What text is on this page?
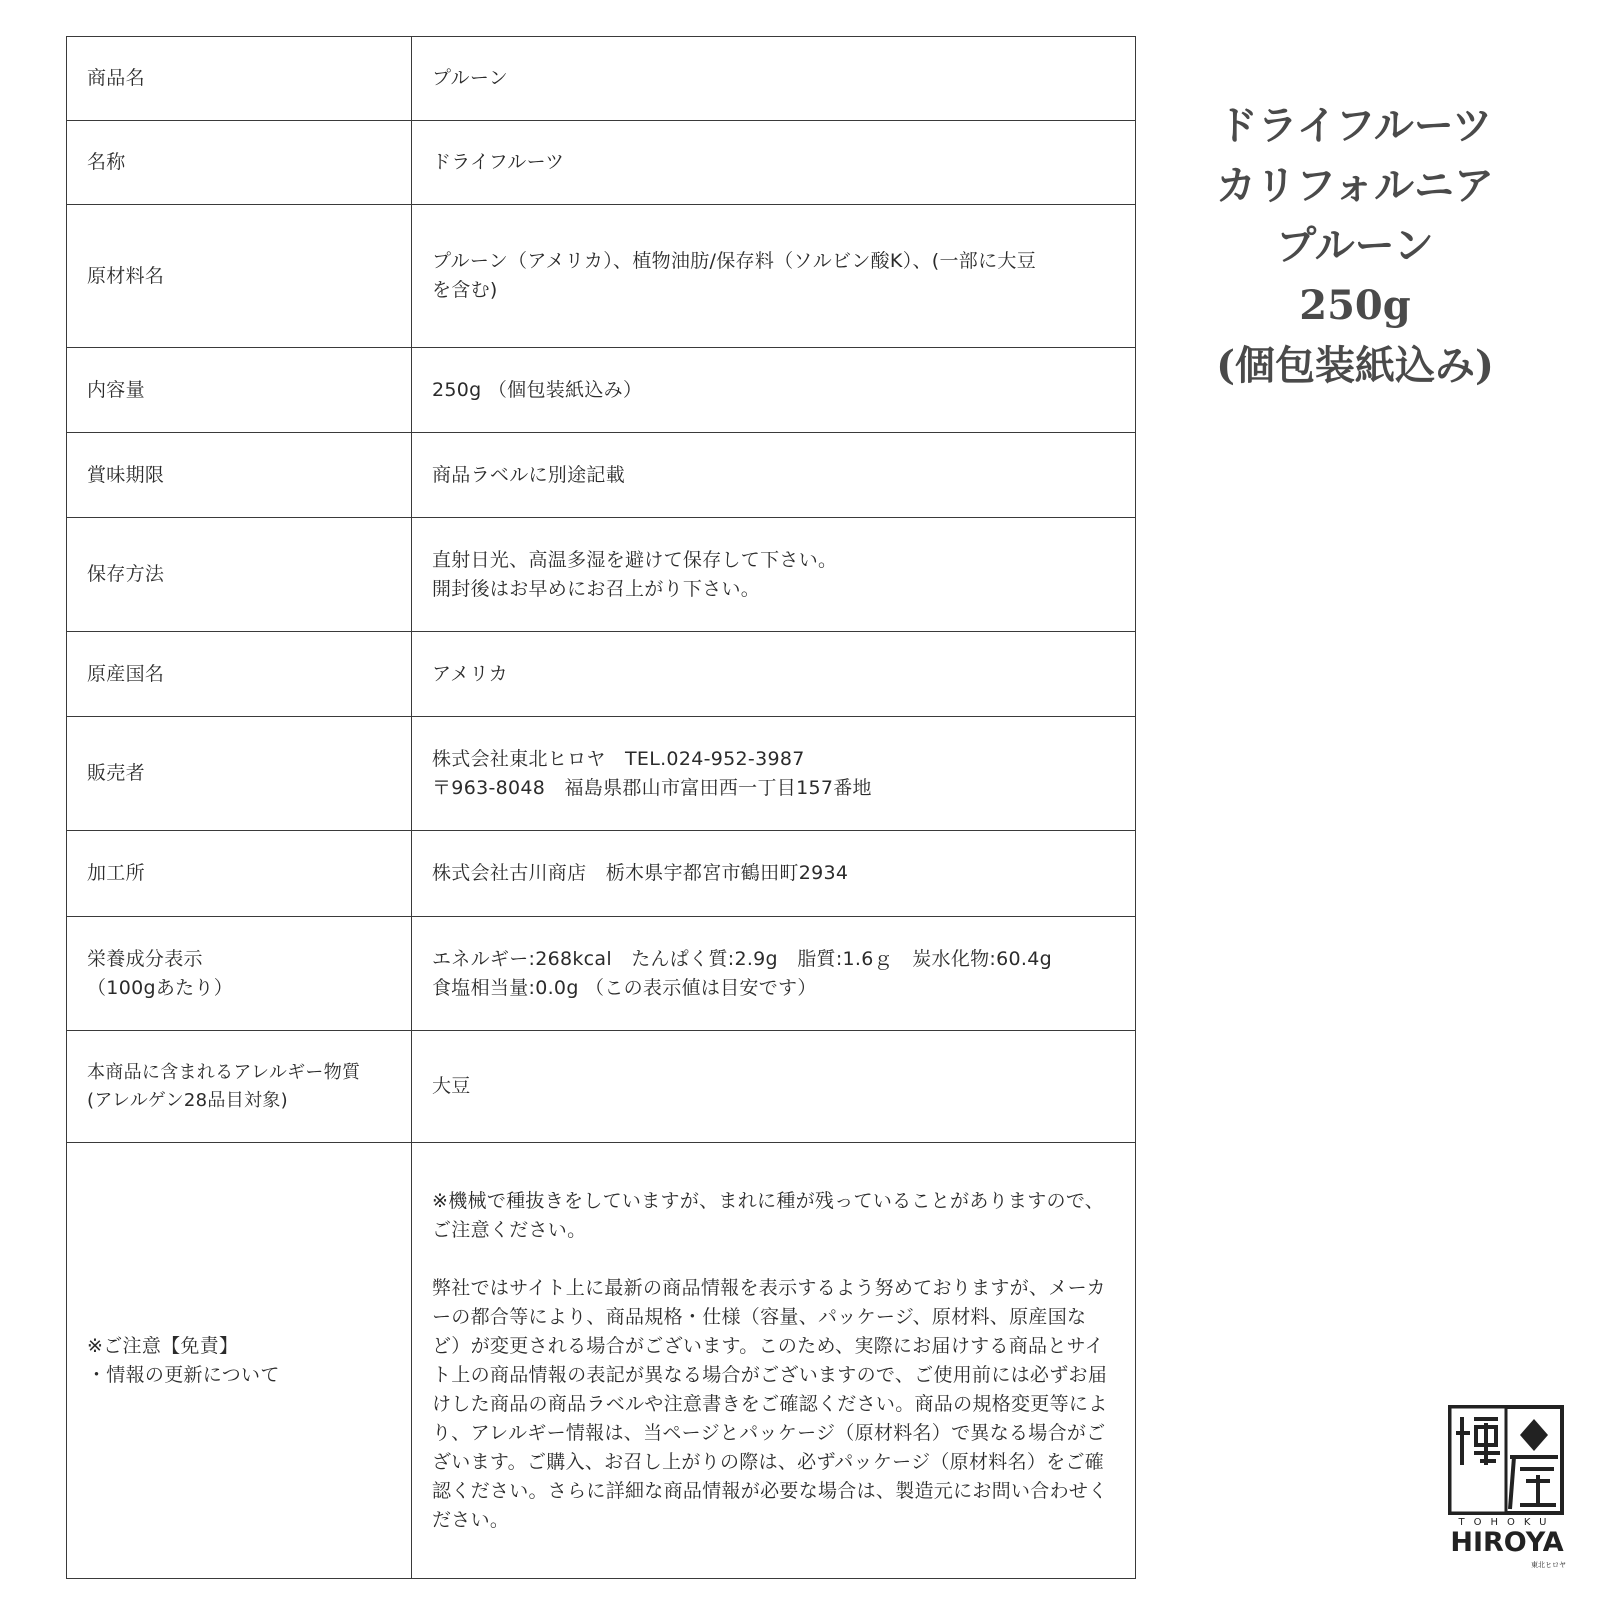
商品名	プルーン

名称	ドライフルーツ

原材料名	プルーン（アメリカ）、植物油肪/保存料（ソルビン酸K）、(一部に大豆
を含む)

内容量	250g （個包装紙込み）

賞味期限	商品ラベルに別途記載

保存方法	直射日光、高温多湿を避けて保存して下さい。
開封後はお早めにお召上がり下さい。

原産国名	アメリカ

販売者	株式会社東北ヒロヤ　TEL.024-952-3987
〒963-8048　福島県郡山市富田西一丁目157番地

加工所	株式会社古川商店　栃木県宇都宮市鶴田町2934

栄養成分表示
（100gあたり）	エネルギー:268kcal　たんぱく質:2.9g　脂質:1.6ｇ　炭水化物:60.4g
食塩相当量:0.0g （この表示値は目安です）

本商品に含まれるアレルギー物質
(アレルゲン28品目対象)	大豆

※ご注意【免責】
・情報の更新について	※機械で種抜きをしていますが、まれに種が残っていることがありますので、ご注意ください。
弊社ではサイト上に最新の商品情報を表示するよう努めておりますが、メーカーの都合等により、商品規格・仕様（容量、パッケージ、原材料、原産国など）が変更される場合がございます。このため、実際にお届けする商品とサイト上の商品情報の表記が異なる場合がございますので、ご使用前には必ずお届けした商品の商品ラベルや注意書きをご確認ください。商品の規格変更等により、アレルギー情報は、当ページとパッケージ（原材料名）で異なる場合がございます。ご購入、お召し上がりの際は、必ずパッケージ（原材料名）をご確認ください。さらに詳細な商品情報が必要な場合は、製造元にお問い合わせください。
ドライフルーツ
カリフォルニア
プルーン
250g
(個包装紙込み)
TOHOKU
HIROYA
東北ヒロヤ
